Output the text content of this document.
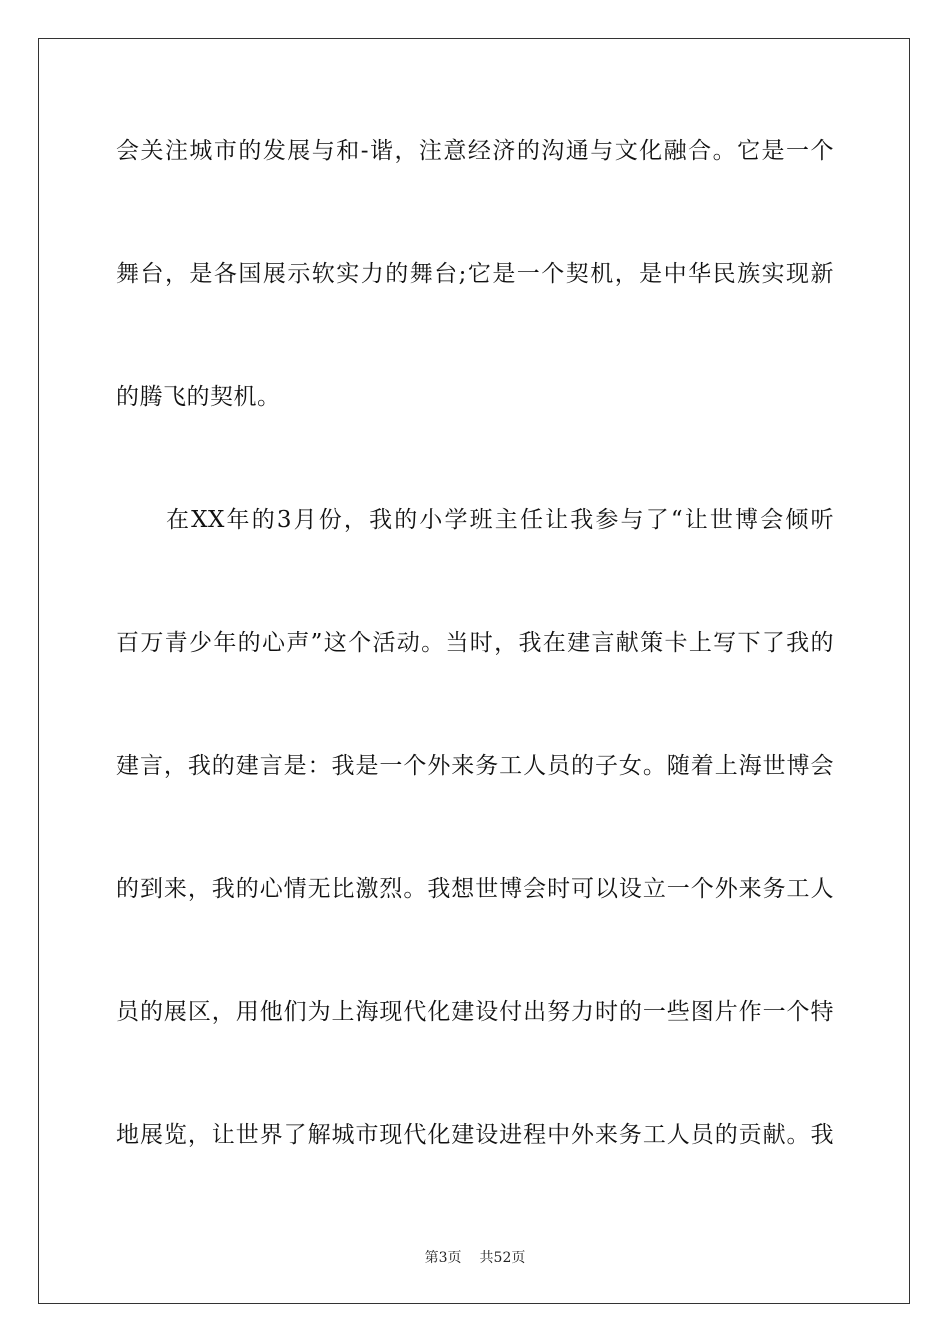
会关注城市的发展与和-谐，注意经济的沟通与文化融合。它是一个
舞台，是各国展示软实力的舞台;它是一个契机，是中华民族实现新
的腾飞的契机。
在XX年的3月份，我的小学班主任让我参与了“让世博会倾听
百万青少年的心声”这个活动。当时，我在建言献策卡上写下了我的
建言，我的建言是：我是一个外来务工人员的子女。随着上海世博会
的到来，我的心情无比激烈。我想世博会时可以设立一个外来务工人
员的展区，用他们为上海现代化建设付出努力时的一些图片作一个特
地展览，让世界了解城市现代化建设进程中外来务工人员的贡献。我
第3页 共52页
